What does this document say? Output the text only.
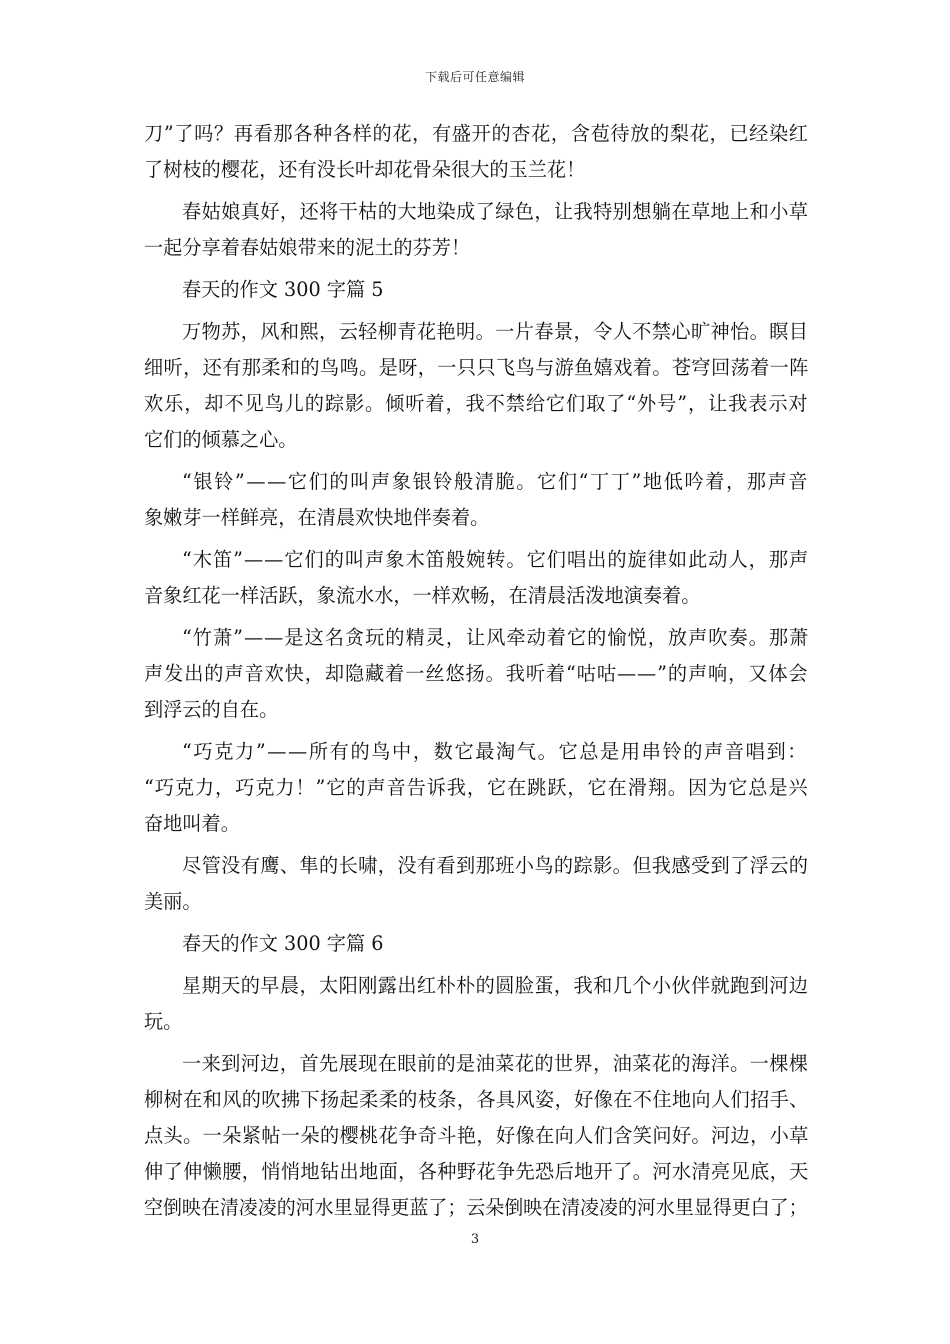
下载后可任意编辑
刀”了吗？再看那各种各样的花，有盛开的杏花，含苞待放的梨花，已经染红
了树枝的樱花，还有没长叶却花骨朵很大的玉兰花！
春姑娘真好，还将干枯的大地染成了绿色，让我特别想躺在草地上和小草
一起分享着春姑娘带来的泥土的芬芳！
春天的作文 300 字篇 5
万物苏，风和熙，云轻柳青花艳明。一片春景，令人不禁心旷神怡。瞑目
细听，还有那柔和的鸟鸣。是呀，一只只飞鸟与游鱼嬉戏着。苍穹回荡着一阵
欢乐，却不见鸟儿的踪影。倾听着，我不禁给它们取了“外号”，让我表示对
它们的倾慕之心。
“银铃”——它们的叫声象银铃般清脆。它们“丁丁”地低吟着，那声音
象嫩芽一样鲜亮，在清晨欢快地伴奏着。
“木笛”——它们的叫声象木笛般婉转。它们唱出的旋律如此动人，那声
音象红花一样活跃，象流水水，一样欢畅，在清晨活泼地演奏着。
“竹萧”——是这名贪玩的精灵，让风牵动着它的愉悦，放声吹奏。那萧
声发出的声音欢快，却隐藏着一丝悠扬。我听着“咕咕——”的声响，又体会
到浮云的自在。
“巧克力”——所有的鸟中，数它最淘气。它总是用串铃的声音唱到：
“巧克力，巧克力！”它的声音告诉我，它在跳跃，它在滑翔。因为它总是兴
奋地叫着。
尽管没有鹰、隼的长啸，没有看到那班小鸟的踪影。但我感受到了浮云的
美丽。
春天的作文 300 字篇 6
星期天的早晨，太阳刚露出红朴朴的圆脸蛋，我和几个小伙伴就跑到河边
玩。
一来到河边，首先展现在眼前的是油菜花的世界，油菜花的海洋。一棵棵
柳树在和风的吹拂下扬起柔柔的枝条，各具风姿，好像在不住地向人们招手、
点头。一朵紧帖一朵的樱桃花争奇斗艳，好像在向人们含笑问好。河边，小草
伸了伸懒腰，悄悄地钻出地面，各种野花争先恐后地开了。河水清亮见底，天
空倒映在清凌凌的河水里显得更蓝了；云朵倒映在清凌凌的河水里显得更白了；
3
